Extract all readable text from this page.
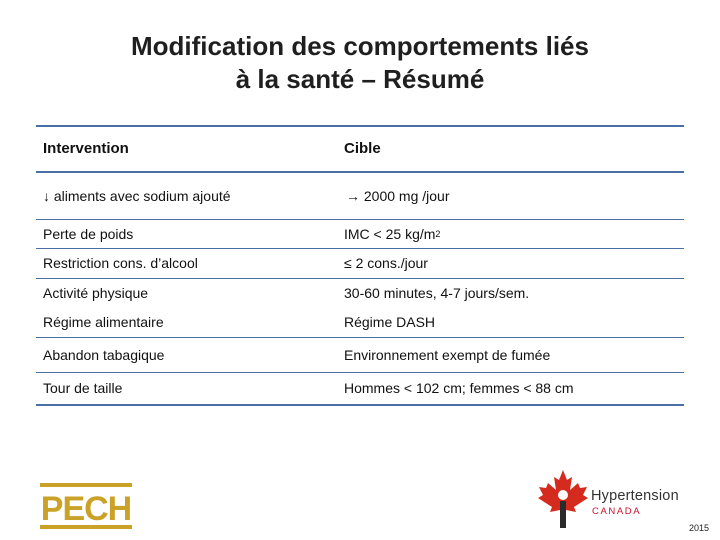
Modification des comportements liés
à la santé – Résumé
Intervention	Cible
↓ aliments avec sodium ajouté	→ 2000 mg /jour
Perte de poids	IMC < 25 kg/m 2
Restriction cons. d’alcool	≤ 2 cons./jour
Activité physique	30-60 minutes, 4-7 jours/sem.
Régime alimentaire	Régime DASH
Abandon tabagique	Environnement exempt de fumée
Tour de taille	Hommes < 102 cm; femmes < 88 cm
PECH	Hypertension
CANADA
2015
